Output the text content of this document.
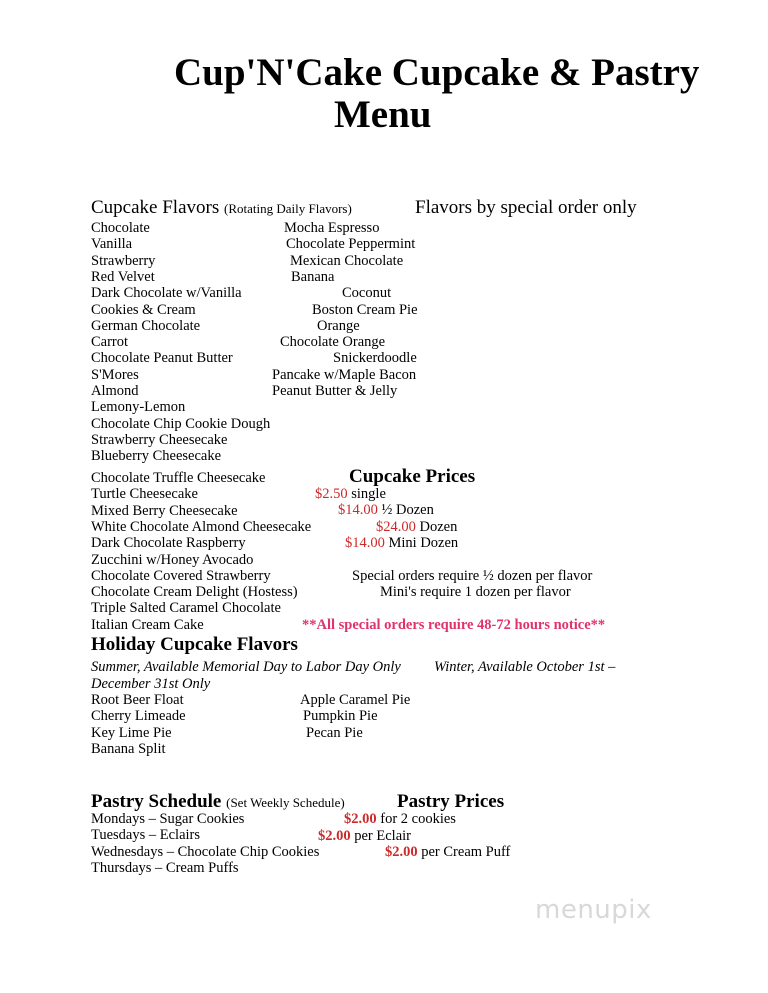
Cup'N'Cake Cupcake & Pastry
Menu
Cupcake Flavors (Rotating Daily Flavors)	Flavors by special order only
Chocolate
Vanilla
Strawberry
Red Velvet
Dark Chocolate w/Vanilla
Cookies & Cream
German Chocolate
Carrot
Chocolate Peanut Butter
S'Mores
Almond
Lemony-Lemon
Chocolate Chip Cookie Dough
Strawberry Cheesecake
Blueberry Cheesecake
Mocha Espresso
Chocolate Peppermint
Mexican Chocolate
Banana
Coconut
Boston Cream Pie
Orange
Chocolate Orange
Snickerdoodle
Pancake w/Maple Bacon
Peanut Butter & Jelly
Chocolate Truffle Cheesecake
Turtle Cheesecake
Mixed Berry Cheesecake
White Chocolate Almond Cheesecake
Dark Chocolate Raspberry
Zucchini w/Honey Avocado
Chocolate Covered Strawberry
Chocolate Cream Delight (Hostess)
Triple Salted Caramel Chocolate
Italian Cream Cake
Cupcake Prices
$2.50 single
$14.00 ½ Dozen
$24.00 Dozen
$14.00 Mini Dozen
Special orders require ½ dozen per flavor
Mini's require 1 dozen per flavor
**All special orders require 48-72 hours notice**
Holiday Cupcake Flavors
Summer, Available Memorial Day to Labor Day Only Winter, Available October 1st –
December 31st Only
Root Beer Float
Cherry Limeade
Key Lime Pie
Banana Split
Apple Caramel Pie
Pumpkin Pie
Pecan Pie
Pastry Schedule (Set Weekly Schedule)	Pastry Prices
Mondays – Sugar Cookies
Tuesdays – Eclairs
Wednesdays – Chocolate Chip Cookies
Thursdays – Cream Puffs
$2.00 for 2 cookies
$2.00 per Eclair
$2.00 per Cream Puff
menupix
